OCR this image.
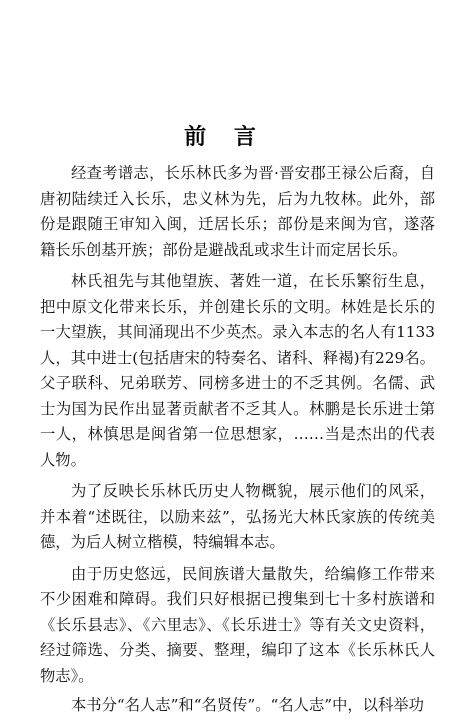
前 言

经查考谱志，长乐林氏多为晋·晋安郡王禄公后裔，自唐初陆续迁入长乐，忠义林为先，后为九牧林。此外，部份是跟随王审知入闽，迁居长乐；部份是来闽为官，遂落籍长乐创基开族；部份是避战乱或求生计而定居长乐。

林氏祖先与其他望族、著姓一道，在长乐繁衍生息，把中原文化带来长乐，并创建长乐的文明。林姓是长乐的一大望族，其间涌现出不少英杰。录入本志的名人有1133人，其中进士(包括唐宋的特奏名、诸科、释褐)有229名。父子联科、兄弟联芳、同榜多进士的不乏其例。名儒、武士为国为民作出显著贡献者不乏其人。林鹏是长乐进士第一人，林慎思是闽省第一位思想家，……当是杰出的代表人物。

为了反映长乐林氏历史人物概貌，展示他们的风采，并本着“述既往，以励来兹”，弘扬光大林氏家族的传统美德，为后人树立楷模，特编辑本志。

由于历史悠远，民间族谱大量散失，给编修工作带来不少困难和障碍。我们只好根据已搜集到七十多村族谱和《长乐县志》、《六里志》、《长乐进士》等有关文史资料，经过筛选、分类、摘要、整理，编印了这本《长乐林氏人物志》。

本书分“名人志”和“名贤传”。“名人志”中，以科举功
